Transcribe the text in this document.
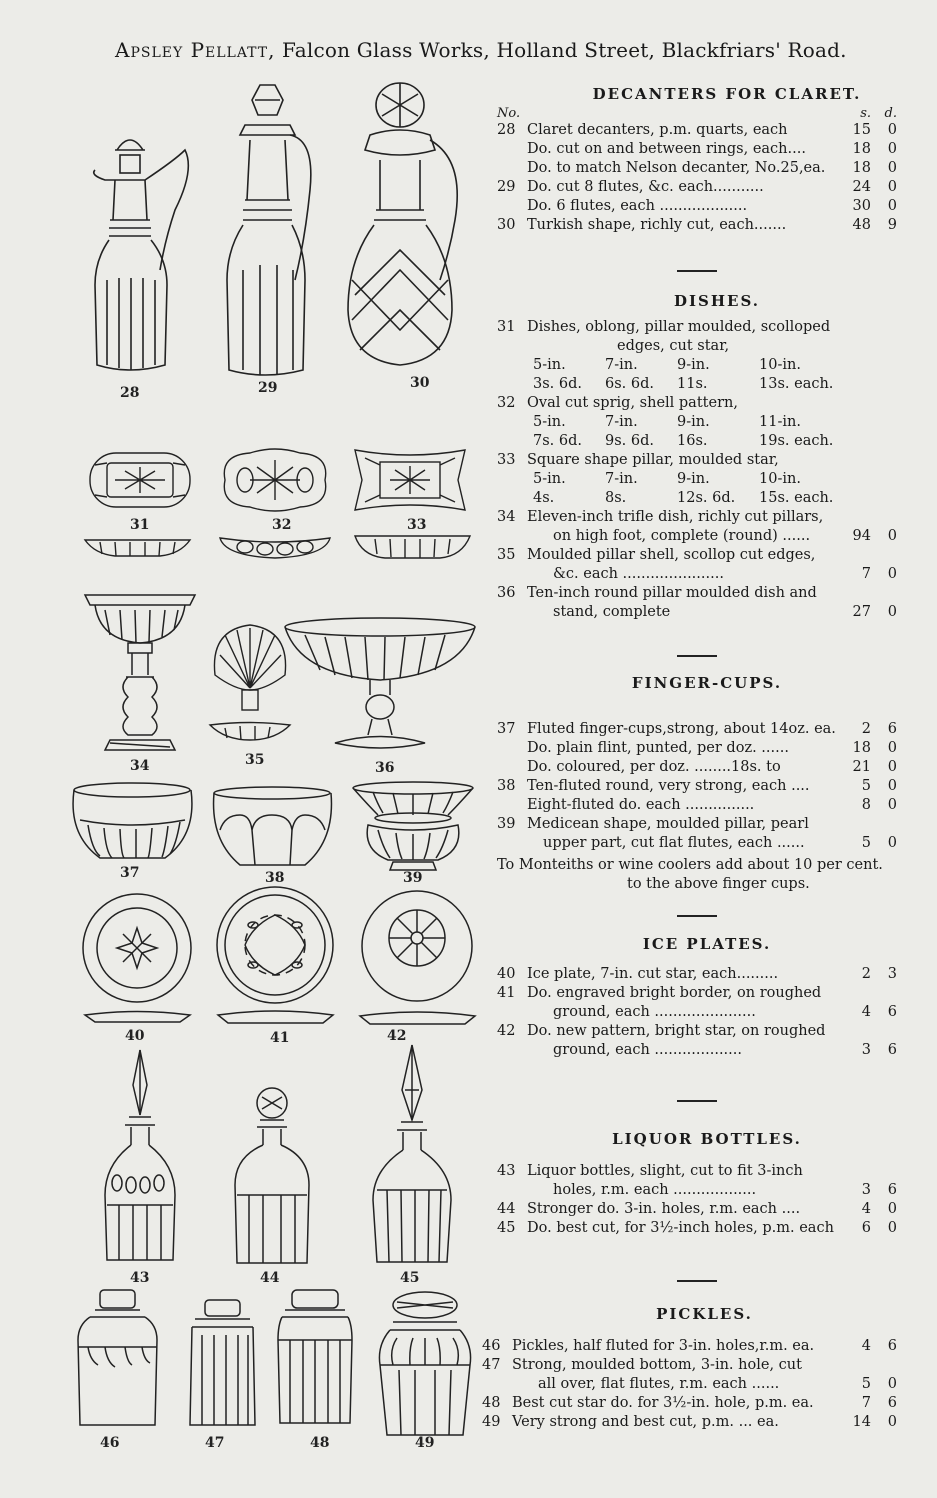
Apsley Pellatt, Falcon Glass Works, Holland Street, Blackfriars' Road.
28	29	30
31	32	33
34	35	36
37	38	39
40	41	42
43	44	45
46	47	48	49
DECANTERS FOR CLARET.
No.	s.	d.
28 Claret decanters, p.m. quarts, each	15	0
Do. cut on and between rings, each....	18	0
Do. to match Nelson decanter, No.25,ea.	18	0
29 Do. cut 8 flutes, &c. each...........	24	0
Do. 6 flutes, each ...................	30	0
30 Turkish shape, richly cut, each.......	48	9
DISHES.
31 Dishes, oblong, pillar moulded, scolloped
edges, cut star,
5-in.	7-in.	9-in.	10-in.
3s. 6d.	6s. 6d.	11s.	13s. each.
32 Oval cut sprig, shell pattern,
5-in.	7-in.	9-in.	11-in.
7s. 6d.	9s. 6d.	16s.	19s. each.
33 Square shape pillar, moulded star,
5-in.	7-in.	9-in.	10-in.
4s.	8s.	12s. 6d.	15s. each.
34 Eleven-inch trifle dish, richly cut pillars,
on high foot, complete (round) ......	94	0
35 Moulded pillar shell, scollop cut edges,
&c. each ......................	7	0
36 Ten-inch round pillar moulded dish and
stand, complete	27	0
FINGER-CUPS.
37 Fluted finger-cups,strong, about 14oz. ea.	2	6
Do. plain flint, punted, per doz. ......	18	0
Do. coloured, per doz. ........18s. to	21	0
38 Ten-fluted round, very strong, each ....	5	0
Eight-fluted do. each ...............	8	0
39 Medicean shape, moulded pillar, pearl
upper part, cut flat flutes, each ......	5	0
To Monteiths or wine coolers add about 10 per cent.
to the above finger cups.
ICE PLATES.
40 Ice plate, 7-in. cut star, each.........	2	3
41 Do. engraved bright border, on roughed
ground, each ......................	4	6
42 Do. new pattern, bright star, on roughed
ground, each ...................	3	6
LIQUOR BOTTLES.
43 Liquor bottles, slight, cut to fit 3-inch
holes, r.m. each ..................	3	6
44 Stronger do. 3-in. holes, r.m. each ....	4	0
45 Do. best cut, for 3½-inch holes, p.m. each	6	0
PICKLES.
46 Pickles, half fluted for 3-in. holes,r.m. ea.	4	6
47 Strong, moulded bottom, 3-in. hole, cut
all over, flat flutes, r.m. each ......	5	0
48 Best cut star do. for 3½-in. hole, p.m. ea.	7	6
49 Very strong and best cut, p.m. ... ea.	14	0
